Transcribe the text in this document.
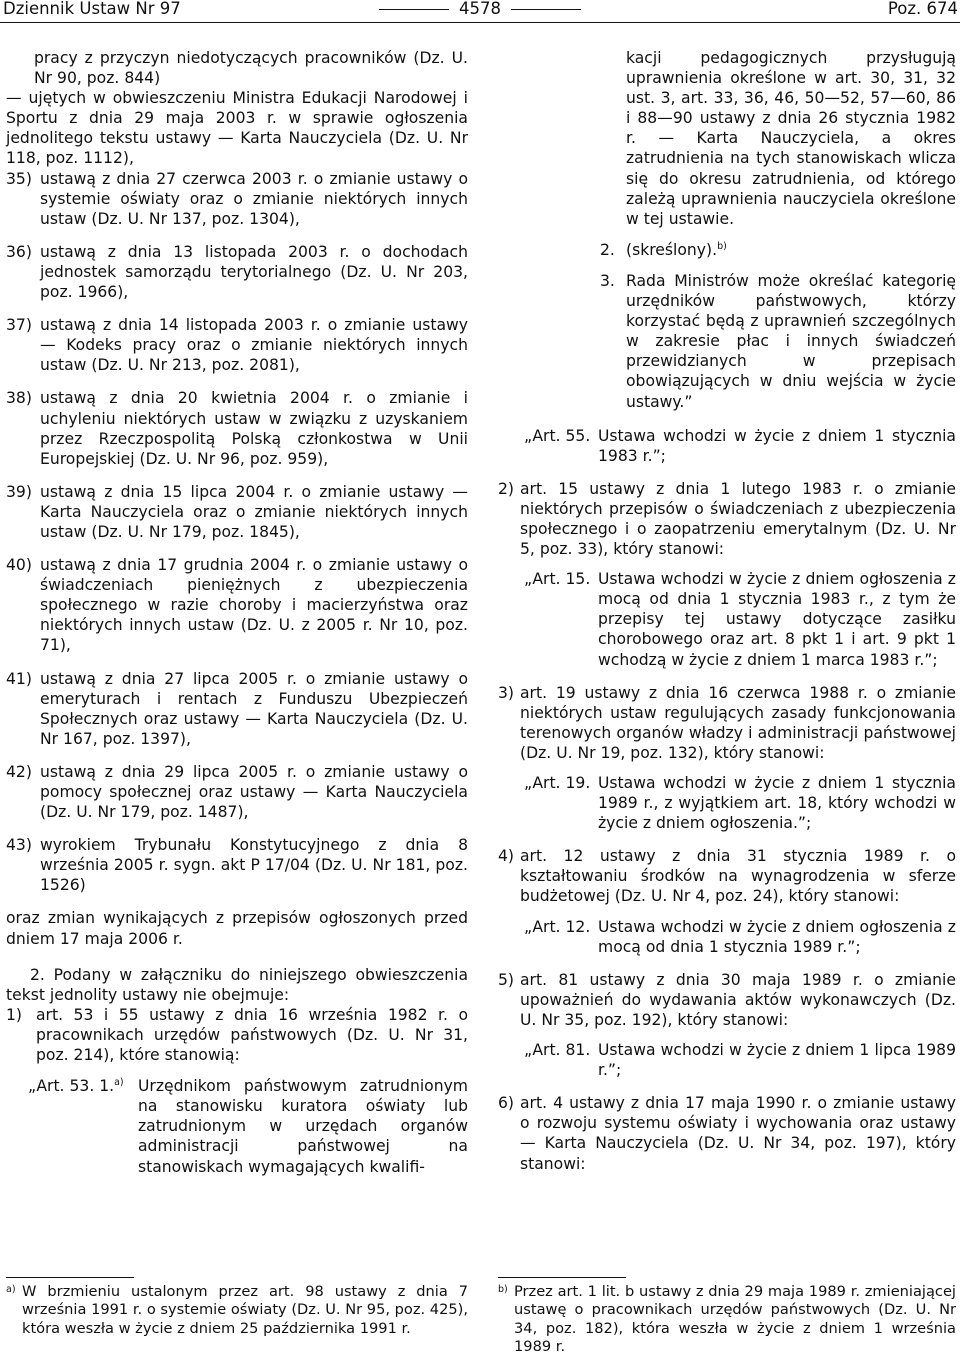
Dziennik Ustaw Nr 97	4578	Poz. 674

pracy z przyczyn niedotyczących pracowników (Dz. U. Nr 90, poz. 844)

— ujętych w obwieszczeniu Ministra Edukacji Narodowej i Sportu z dnia 29 maja 2003 r. w sprawie ogłoszenia jednolitego tekstu ustawy — Karta Nauczyciela (Dz. U. Nr 118, poz. 1112),

35) ustawą z dnia 27 czerwca 2003 r. o zmianie ustawy o systemie oświaty oraz o zmianie niektórych innych ustaw (Dz. U. Nr 137, poz. 1304),
36) ustawą z dnia 13 listopada 2003 r. o dochodach jednostek samorządu terytorialnego (Dz. U. Nr 203, poz. 1966),
37) ustawą z dnia 14 listopada 2003 r. o zmianie ustawy — Kodeks pracy oraz o zmianie niektórych innych ustaw (Dz. U. Nr 213, poz. 2081),
38) ustawą z dnia 20 kwietnia 2004 r. o zmianie i uchyleniu niektórych ustaw w związku z uzyskaniem przez Rzeczpospolitą Polską członkostwa w Unii Europejskiej (Dz. U. Nr 96, poz. 959),
39) ustawą z dnia 15 lipca 2004 r. o zmianie ustawy — Karta Nauczyciela oraz o zmianie niektórych innych ustaw (Dz. U. Nr 179, poz. 1845),
40) ustawą z dnia 17 grudnia 2004 r. o zmianie ustawy o świadczeniach pieniężnych z ubezpieczenia społecznego w razie choroby i macierzyństwa oraz niektórych innych ustaw (Dz. U. z 2005 r. Nr 10, poz. 71),
41) ustawą z dnia 27 lipca 2005 r. o zmianie ustawy o emeryturach i rentach z Funduszu Ubezpieczeń Społecznych oraz ustawy — Karta Nauczyciela (Dz. U. Nr 167, poz. 1397),
42) ustawą z dnia 29 lipca 2005 r. o zmianie ustawy o pomocy społecznej oraz ustawy — Karta Nauczyciela (Dz. U. Nr 179, poz. 1487),
43) wyrokiem Trybunału Konstytucyjnego z dnia 8 września 2005 r. sygn. akt P 17/04 (Dz. U. Nr 181, poz. 1526)

oraz zmian wynikających z przepisów ogłoszonych przed dniem 17 maja 2006 r.

2. Podany w załączniku do niniejszego obwieszczenia tekst jednolity ustawy nie obejmuje:

1) art. 53 i 55 ustawy z dnia 16 września 1982 r. o pracownikach urzędów państwowych (Dz. U. Nr 31, poz. 214), które stanowią:
„Art. 53. 1.$^{a)}$ Urzędnikom państwowym zatrudnionym na stanowisku kuratora oświaty lub zatrudnionym w urzędach organów administracji państwowej na stanowiskach wymagających kwalifi-

kacji pedagogicznych przysługują uprawnienia określone w art. 30, 31, 32 ust. 3, art. 33, 36, 46, 50—52, 57—60, 86 i 88—90 ustawy z dnia 26 stycznia 1982 r. — Karta Nauczyciela, a okres zatrudnienia na tych stanowiskach wlicza się do okresu zatrudnienia, od którego zależą uprawnienia nauczyciela określone w tej ustawie.

2. (skreślony).$^{b)}$
3. Rada Ministrów może określać kategorię urzędników państwowych, którzy korzystać będą z uprawnień szczególnych w zakresie płac i innych świadczeń przewidzianych w przepisach obowiązujących w dniu wejścia w życie ustawy.”
„Art. 55. Ustawa wchodzi w życie z dniem 1 stycznia 1983 r.”;
2) art. 15 ustawy z dnia 1 lutego 1983 r. o zmianie niektórych przepisów o świadczeniach z ubezpieczenia społecznego i o zaopatrzeniu emerytalnym (Dz. U. Nr 5, poz. 33), który stanowi:
„Art. 15. Ustawa wchodzi w życie z dniem ogłoszenia z mocą od dnia 1 stycznia 1983 r., z tym że przepisy tej ustawy dotyczące zasiłku chorobowego oraz art. 8 pkt 1 i art. 9 pkt 1 wchodzą w życie z dniem 1 marca 1983 r.”;
3) art. 19 ustawy z dnia 16 czerwca 1988 r. o zmianie niektórych ustaw regulujących zasady funkcjonowania terenowych organów władzy i administracji państwowej (Dz. U. Nr 19, poz. 132), który stanowi:
„Art. 19. Ustawa wchodzi w życie z dniem 1 stycznia 1989 r., z wyjątkiem art. 18, który wchodzi w życie z dniem ogłoszenia.”;
4) art. 12 ustawy z dnia 31 stycznia 1989 r. o kształtowaniu środków na wynagrodzenia w sferze budżetowej (Dz. U. Nr 4, poz. 24), który stanowi:
„Art. 12. Ustawa wchodzi w życie z dniem ogłoszenia z mocą od dnia 1 stycznia 1989 r.”;
5) art. 81 ustawy z dnia 30 maja 1989 r. o zmianie upoważnień do wydawania aktów wykonawczych (Dz. U. Nr 35, poz. 192), który stanowi:
„Art. 81. Ustawa wchodzi w życie z dniem 1 lipca 1989 r.”;
6) art. 4 ustawy z dnia 17 maja 1990 r. o zmianie ustawy o rozwoju systemu oświaty i wychowania oraz ustawy — Karta Nauczyciela (Dz. U. Nr 34, poz. 197), który stanowi:
a) W brzmieniu ustalonym przez art. 98 ustawy z dnia 7 września 1991 r. o systemie oświaty (Dz. U. Nr 95, poz. 425), która weszła w życie z dniem 25 października 1991 r.
b) Przez art. 1 lit. b ustawy z dnia 29 maja 1989 r. zmieniającej ustawę o pracownikach urzędów państwowych (Dz. U. Nr 34, poz. 182), która weszła w życie z dniem 1 września 1989 r.
